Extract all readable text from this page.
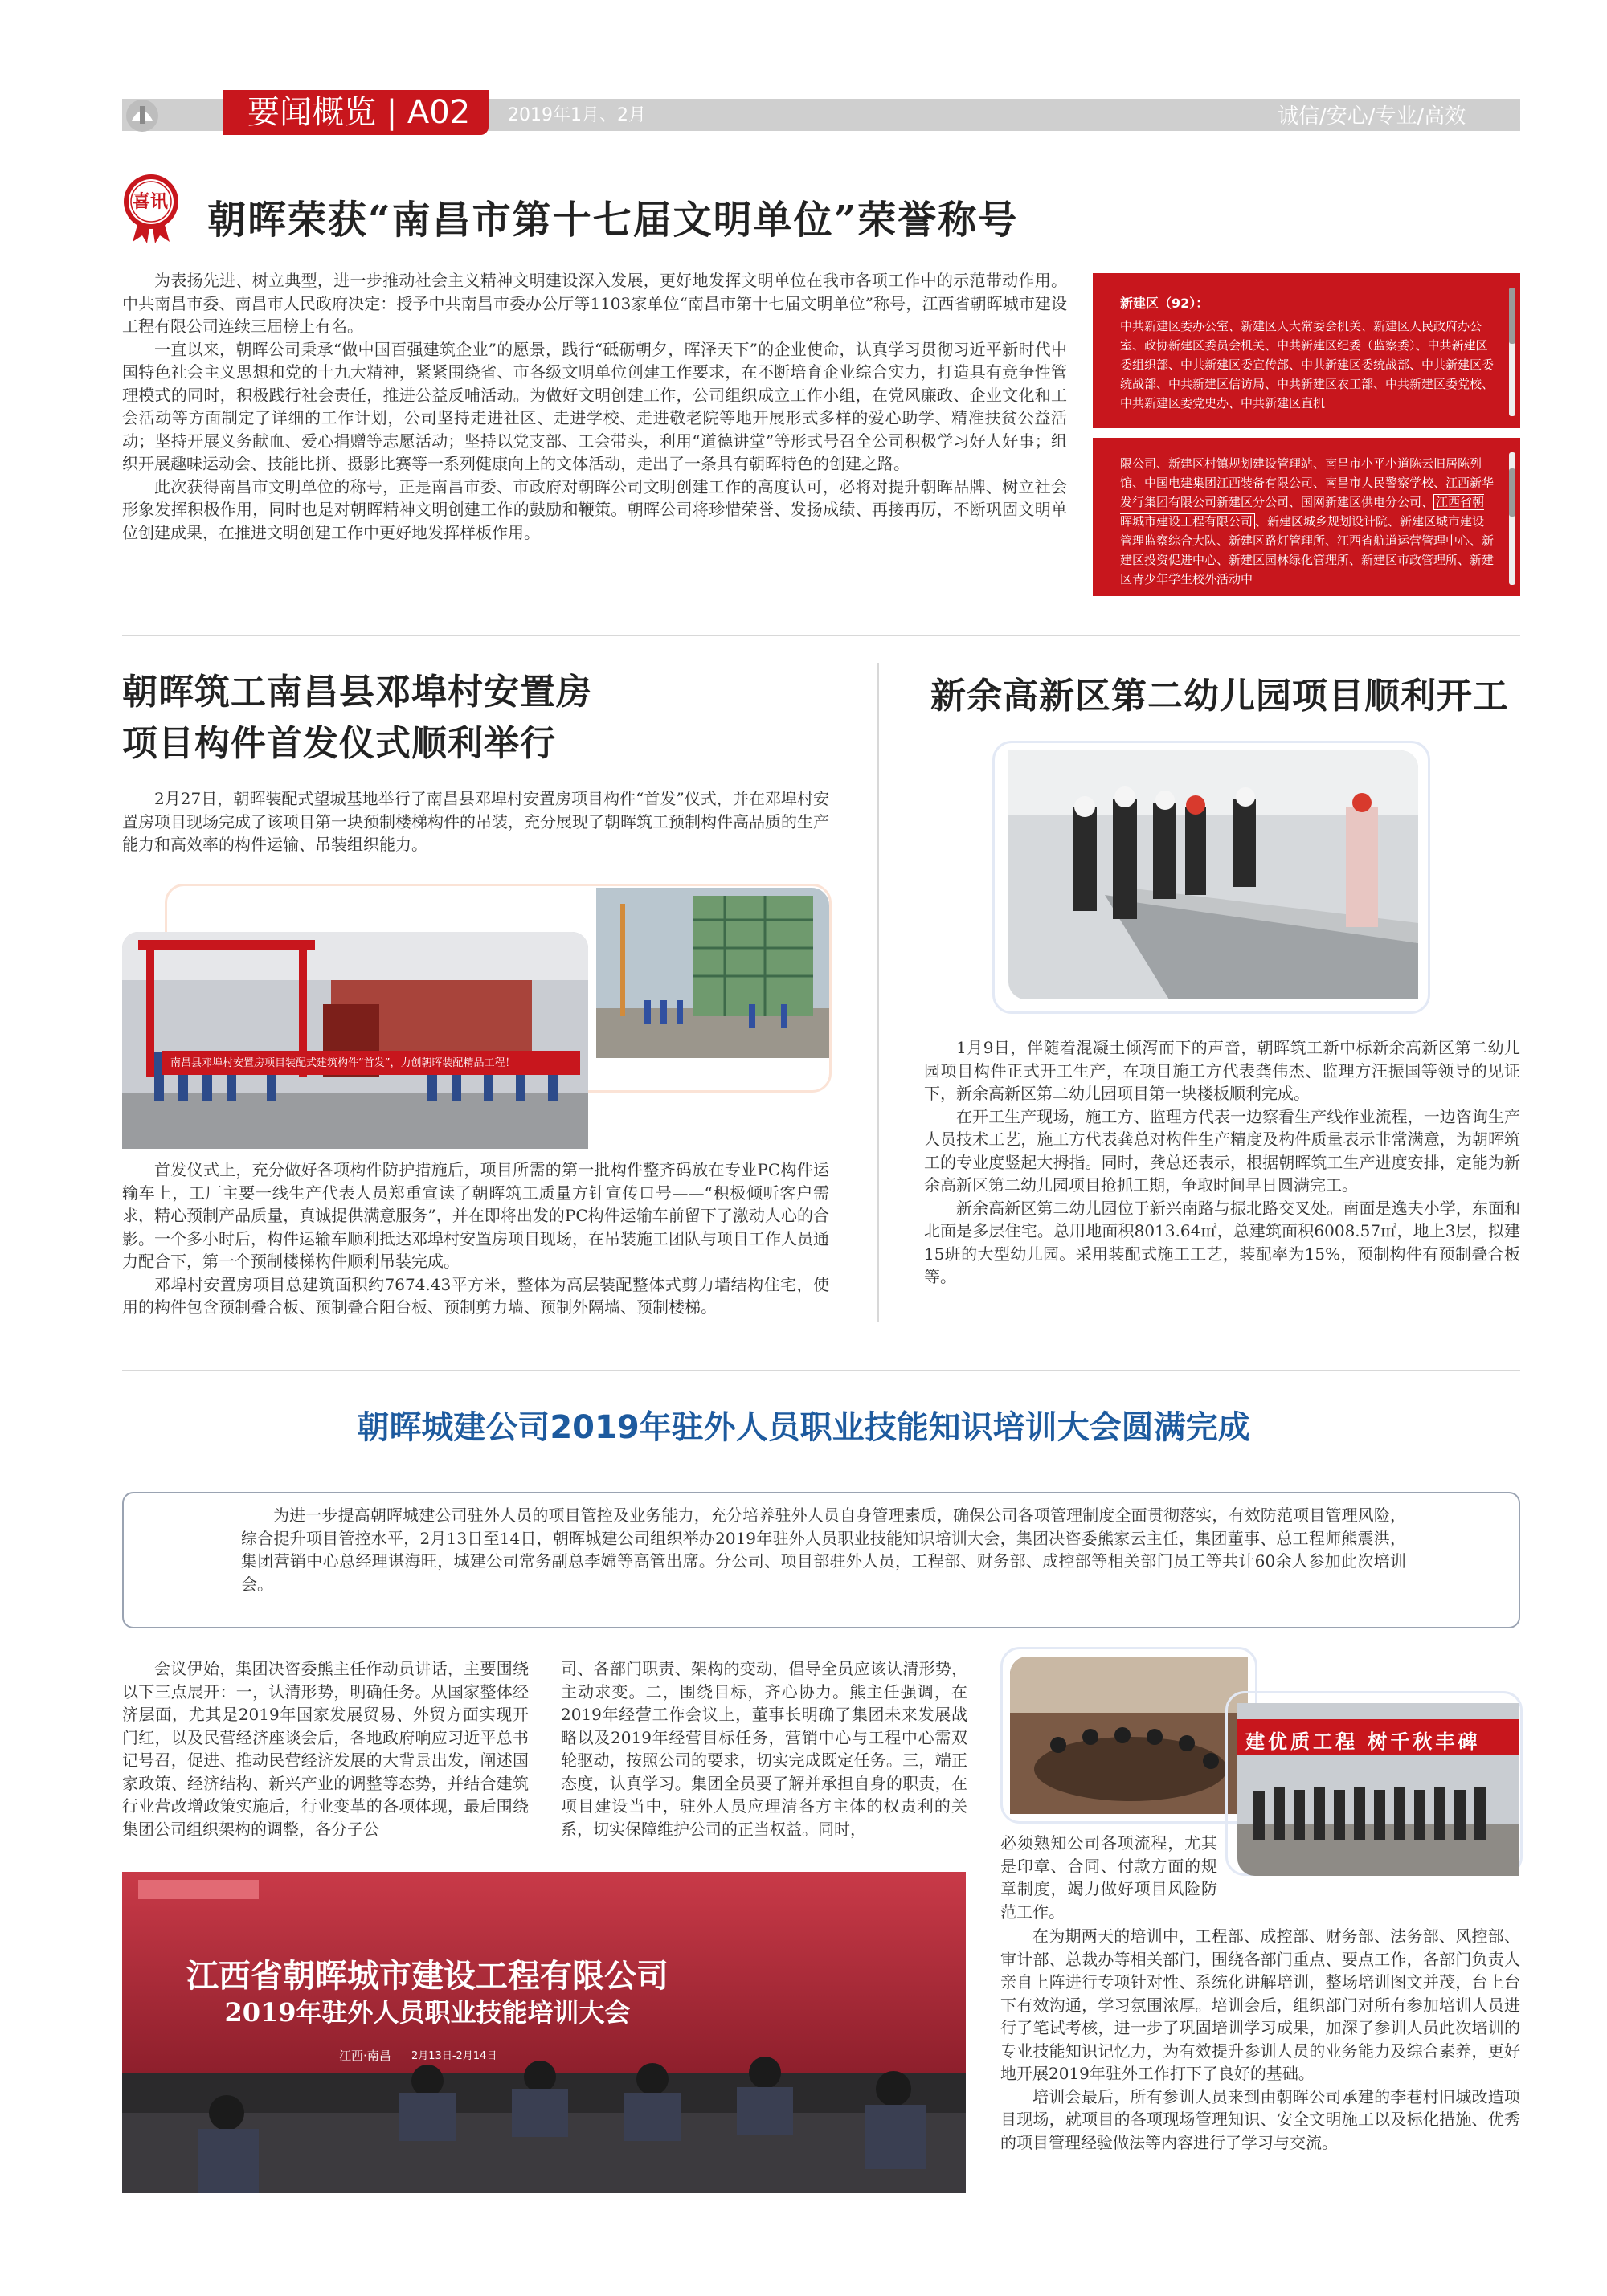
要闻概览 | A02	2019年1月、2月	诚信/安心/专业/高效
喜讯 朝晖荣获“南昌市第十七届文明单位”荣誉称号

为表扬先进、树立典型，进一步推动社会主义精神文明建设深入发展，更好地发挥文明单位在我市各项工作中的示范带动作用。中共南昌市委、南昌市人民政府决定：授予中共南昌市委办公厅等1103家单位“南昌市第十七届文明单位”称号，江西省朝晖城市建设工程有限公司连续三届榜上有名。

一直以来，朝晖公司秉承“做中国百强建筑企业”的愿景，践行“砥砺朝夕，晖泽天下”的企业使命，认真学习贯彻习近平新时代中国特色社会主义思想和党的十九大精神，紧紧围绕省、市各级文明单位创建工作要求，在不断培育企业综合实力，打造具有竞争性管理模式的同时，积极践行社会责任，推进公益反哺活动。为做好文明创建工作，公司组织成立工作小组，在党风廉政、企业文化和工会活动等方面制定了详细的工作计划，公司坚持走进社区、走进学校、走进敬老院等地开展形式多样的爱心助学、精准扶贫公益活动；坚持开展义务献血、爱心捐赠等志愿活动；坚持以党支部、工会带头，利用“道德讲堂”等形式号召全公司积极学习好人好事；组织开展趣味运动会、技能比拼、摄影比赛等一系列健康向上的文体活动，走出了一条具有朝晖特色的创建之路。

此次获得南昌市文明单位的称号，正是南昌市委、市政府对朝晖公司文明创建工作的高度认可，必将对提升朝晖品牌、树立社会形象发挥积极作用，同时也是对朝晖精神文明创建工作的鼓励和鞭策。朝晖公司将珍惜荣誉、发扬成绩、再接再厉，不断巩固文明单位创建成果，在推进文明创建工作中更好地发挥样板作用。

新建区（92）：
中共新建区委办公室、新建区人大常委会机关、新建区人民政府办公室、政协新建区委员会机关、中共新建区纪委（监察委）、中共新建区委组织部、中共新建区委宣传部、中共新建区委统战部、中共新建区委统战部、中共新建区信访局、中共新建区农工部、中共新建区委党校、中共新建区委党史办、中共新建区直机
限公司、新建区村镇规划建设管理站、南昌市小平小道陈云旧居陈列馆、中国电建集团江西装备有限公司、南昌市人民警察学校、江西新华发行集团有限公司新建区分公司、国网新建区供电分公司、 江西省朝晖城市建设工程有限公司 、新建区城乡规划设计院、新建区城市建设管理监察综合大队、新建区路灯管理所、江西省航道运营管理中心、新建区投资促进中心、新建区园林绿化管理所、新建区市政管理所、新建区青少年学生校外活动中
朝晖筑工南昌县邓埠村安置房
项目构件首发仪式顺利举行

2月27日，朝晖装配式望城基地举行了南昌县邓埠村安置房项目构件“首发”仪式，并在邓埠村安置房项目现场完成了该项目第一块预制楼梯构件的吊装，充分展现了朝晖筑工预制构件高品质的生产能力和高效率的构件运输、吊装组织能力。

南昌县邓埠村安置房项目装配式建筑构件“首发”，力创朝晖装配精品工程！

首发仪式上，充分做好各项构件防护措施后，项目所需的第一批构件整齐码放在专业PC构件运输车上，工厂主要一线生产代表人员郑重宣读了朝晖筑工质量方针宣传口号——“积极倾听客户需求，精心预制产品质量，真诚提供满意服务”，并在即将出发的PC构件运输车前留下了激动人心的合影。一个多小时后，构件运输车顺利抵达邓埠村安置房项目现场，在吊装施工团队与项目工作人员通力配合下，第一个预制楼梯构件顺利吊装完成。

邓埠村安置房项目总建筑面积约7674.43平方米，整体为高层装配整体式剪力墙结构住宅，使用的构件包含预制叠合板、预制叠合阳台板、预制剪力墙、预制外隔墙、预制楼梯。

新余高新区第二幼儿园项目顺利开工

1月9日，伴随着混凝土倾泻而下的声音，朝晖筑工新中标新余高新区第二幼儿园项目构件正式开工生产，在项目施工方代表龚伟杰、监理方汪振国等领导的见证下，新余高新区第二幼儿园项目第一块楼板顺利完成。

在开工生产现场，施工方、监理方代表一边察看生产线作业流程，一边咨询生产人员技术工艺，施工方代表龚总对构件生产精度及构件质量表示非常满意，为朝晖筑工的专业度竖起大拇指。同时，龚总还表示，根据朝晖筑工生产进度安排，定能为新余高新区第二幼儿园项目抢抓工期，争取时间早日圆满完工。

新余高新区第二幼儿园位于新兴南路与振北路交叉处。南面是逸夫小学，东面和北面是多层住宅。总用地面积8013.64㎡，总建筑面积6008.57㎡，地上3层，拟建15班的大型幼儿园。采用装配式施工工艺，装配率为15%，预制构件有预制叠合板等。

朝晖城建公司2019年驻外人员职业技能知识培训大会圆满完成

为进一步提高朝晖城建公司驻外人员的项目管控及业务能力，充分培养驻外人员自身管理素质，确保公司各项管理制度全面贯彻落实，有效防范项目管理风险，综合提升项目管控水平，2月13日至14日，朝晖城建公司组织举办2019年驻外人员职业技能知识培训大会，集团决咨委熊家云主任，集团董事、总工程师熊震洪，集团营销中心总经理谌海旺，城建公司常务副总李嫦等高管出席。分公司、项目部驻外人员，工程部、财务部、成控部等相关部门员工等共计60余人参加此次培训会。

会议伊始，集团决咨委熊主任作动员讲话，主要围绕以下三点展开：一，认清形势，明确任务。从国家整体经济层面，尤其是2019年国家发展贸易、外贸方面实现开门红，以及民营经济座谈会后，各地政府响应习近平总书记号召，促进、推动民营经济发展的大背景出发，阐述国家政策、经济结构、新兴产业的调整等态势，并结合建筑行业营改增政策实施后，行业变革的各项体现，最后围绕集团公司组织架构的调整，各分子公

司、各部门职责、架构的变动，倡导全员应该认清形势，主动求变。二，围绕目标，齐心协力。熊主任强调，在2019年经营工作会议上，董事长明确了集团未来发展战略以及2019年经营目标任务，营销中心与工程中心需双轮驱动，按照公司的要求，切实完成既定任务。三，端正态度，认真学习。集团全员要了解并承担自身的职责，在项目建设当中，驻外人员应理清各方主体的权责利的关系，切实保障维护公司的正当权益。同时，

建优质工程 树千秋丰碑

必须熟知公司各项流程，尤其是印章、合同、付款方面的规章制度，竭力做好项目风险防范工作。

在为期两天的培训中，工程部、成控部、财务部、法务部、风控部、审计部、总裁办等相关部门，围绕各部门重点、要点工作，各部门负责人亲自上阵进行专项针对性、系统化讲解培训，整场培训图文并茂，台上台下有效沟通，学习氛围浓厚。培训会后，组织部门对所有参加培训人员进行了笔试考核，进一步了巩固培训学习成果，加深了参训人员此次培训的专业技能知识记忆力，为有效提升参训人员的业务能力及综合素养，更好地开展2019年驻外工作打下了良好的基础。

培训会最后，所有参训人员来到由朝晖公司承建的李巷村旧城改造项目现场，就项目的各项现场管理知识、安全文明施工以及标化措施、优秀的项目管理经验做法等内容进行了学习与交流。

江西省朝晖城市建设工程有限公司
2019年驻外人员职业技能培训大会
江西·南昌 2月13日-2月14日
